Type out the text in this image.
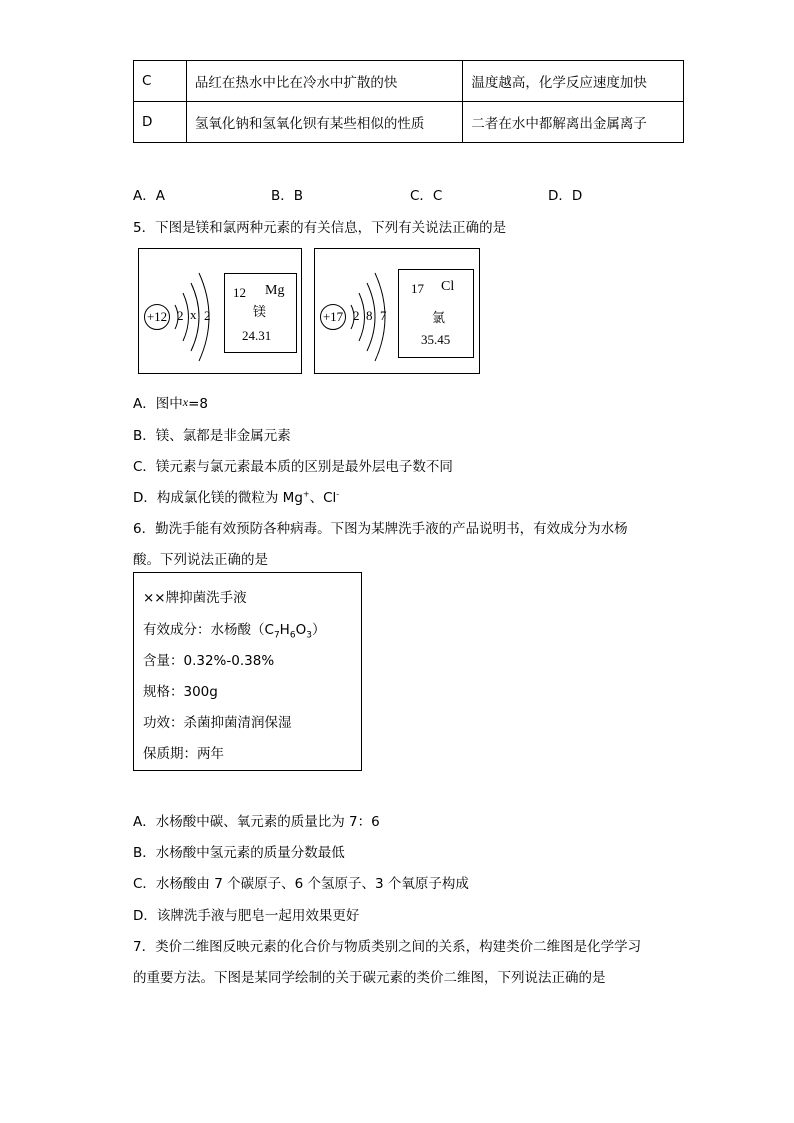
C	品红在热水中比在冷水中扩散的快	温度越高，化学反应速度加快
D	氢氧化钠和氢氧化钡有某些相似的性质	二者在水中都解离出金属离子
A．A	B．B	C．C	D．D
5．下图是镁和氯两种元素的有关信息，下列有关说法正确的是
+12 2 x 2
12 Mg
镁
24.31
+17 2 8 7
17 Cl
氯
35.45
A．图中x=8
B．镁、氯都是非金属元素
C．镁元素与氯元素最本质的区别是最外层电子数不同
D．构成氯化镁的微粒为 Mg+、Cl-
6．勤洗手能有效预防各种病毒。下图为某牌洗手液的产品说明书，有效成分为水杨
酸。下列说法正确的是
××牌抑菌洗手液
有效成分：水杨酸$(C_7H_6O_3)$
含量：0.32%-0.38%
规格：300g
功效：杀菌抑菌清润保湿
保质期：两年
A．水杨酸中碳、氧元素的质量比为 7：6
B．水杨酸中氢元素的质量分数最低
C．水杨酸由 7 个碳原子、6 个氢原子、3 个氧原子构成
D．该牌洗手液与肥皂一起用效果更好
7．类价二维图反映元素的化合价与物质类别之间的关系，构建类价二维图是化学学习
的重要方法。下图是某同学绘制的关于碳元素的类价二维图，下列说法正确的是
